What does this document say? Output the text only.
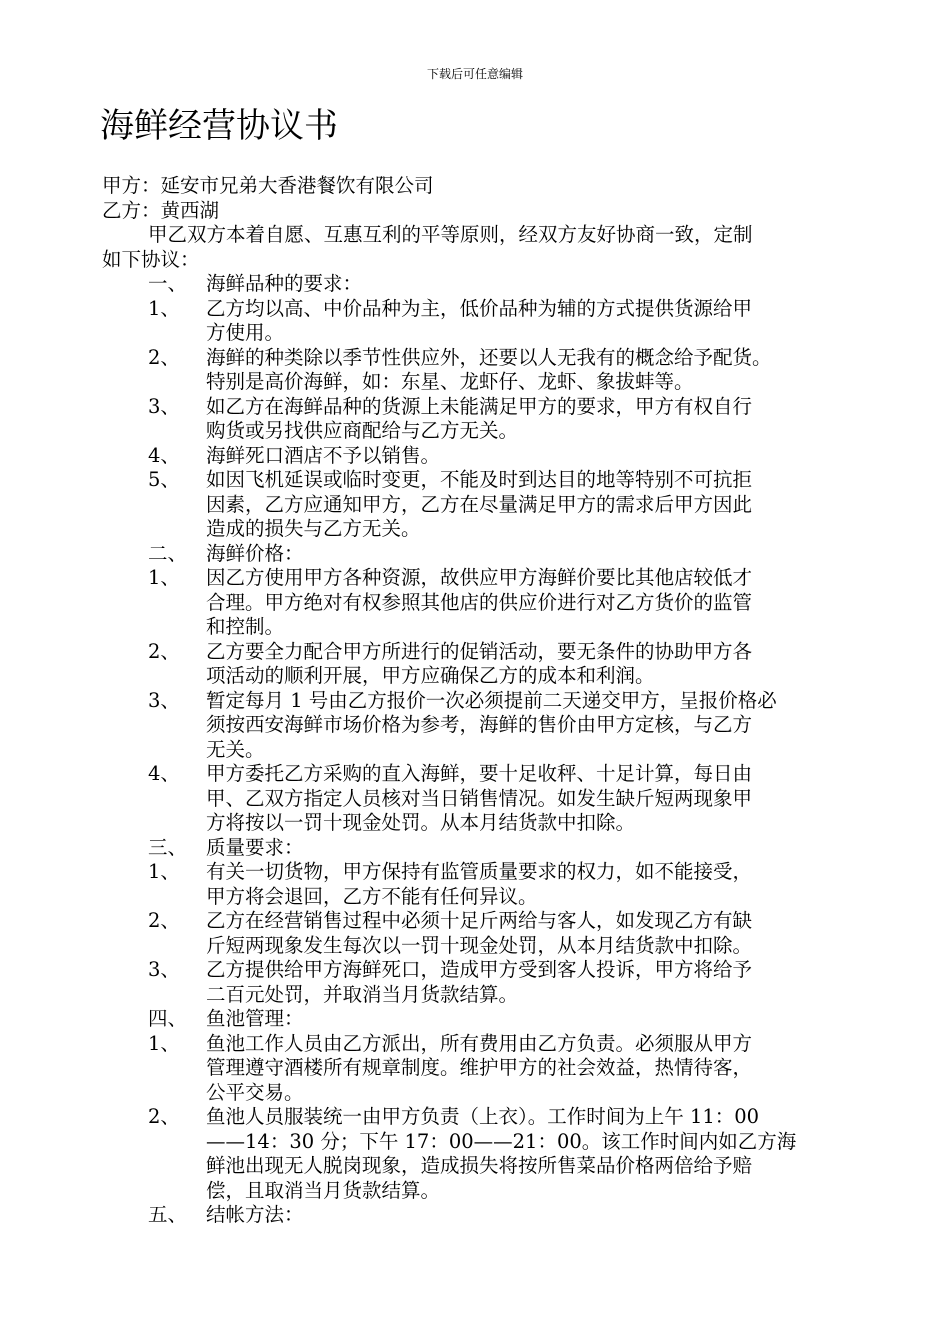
下载后可任意编辑
海鲜经营协议书
甲方：延安市兄弟大香港餐饮有限公司
乙方：黄西湖
甲乙双方本着自愿、互惠互利的平等原则，经双方友好协商一致，定制
如下协议：
一、 海鲜品种的要求：
1、	乙方均以高、中价品种为主，低价品种为辅的方式提供货源给甲
方使用。
2、	海鲜的种类除以季节性供应外，还要以人无我有的概念给予配货。
特别是高价海鲜，如：东星、龙虾仔、龙虾、象拔蚌等。
3、	如乙方在海鲜品种的货源上未能满足甲方的要求，甲方有权自行
购货或另找供应商配给与乙方无关。
4、	海鲜死口酒店不予以销售。
5、	如因飞机延误或临时变更，不能及时到达目的地等特别不可抗拒
因素，乙方应通知甲方，乙方在尽量满足甲方的需求后甲方因此
造成的损失与乙方无关。
二、 海鲜价格：
1、	因乙方使用甲方各种资源，故供应甲方海鲜价要比其他店较低才
合理。甲方绝对有权参照其他店的供应价进行对乙方货价的监管
和控制。
2、	乙方要全力配合甲方所进行的促销活动，要无条件的协助甲方各
项活动的顺利开展，甲方应确保乙方的成本和利润。
3、	暂定每月 1 号由乙方报价一次必须提前二天递交甲方，呈报价格必
须按西安海鲜市场价格为参考，海鲜的售价由甲方定核，与乙方
无关。
4、	甲方委托乙方采购的直入海鲜，要十足收秤、十足计算，每日由
甲、乙双方指定人员核对当日销售情况。如发生缺斤短两现象甲
方将按以一罚十现金处罚。从本月结货款中扣除。
三、 质量要求：
1、	有关一切货物，甲方保持有监管质量要求的权力，如不能接受，
甲方将会退回，乙方不能有任何异议。
2、	乙方在经营销售过程中必须十足斤两给与客人，如发现乙方有缺
斤短两现象发生每次以一罚十现金处罚，从本月结货款中扣除。
3、	乙方提供给甲方海鲜死口，造成甲方受到客人投诉，甲方将给予
二百元处罚，并取消当月货款结算。
四、 鱼池管理：
1、	鱼池工作人员由乙方派出，所有费用由乙方负责。必须服从甲方
管理遵守酒楼所有规章制度。维护甲方的社会效益，热情待客，
公平交易。
2、	鱼池人员服装统一由甲方负责（上衣）。工作时间为上午 11：00
——14：30 分；下午 17：00——21：00。该工作时间内如乙方海
鲜池出现无人脱岗现象，造成损失将按所售菜品价格两倍给予赔
偿，且取消当月货款结算。
五、 结帐方法：
